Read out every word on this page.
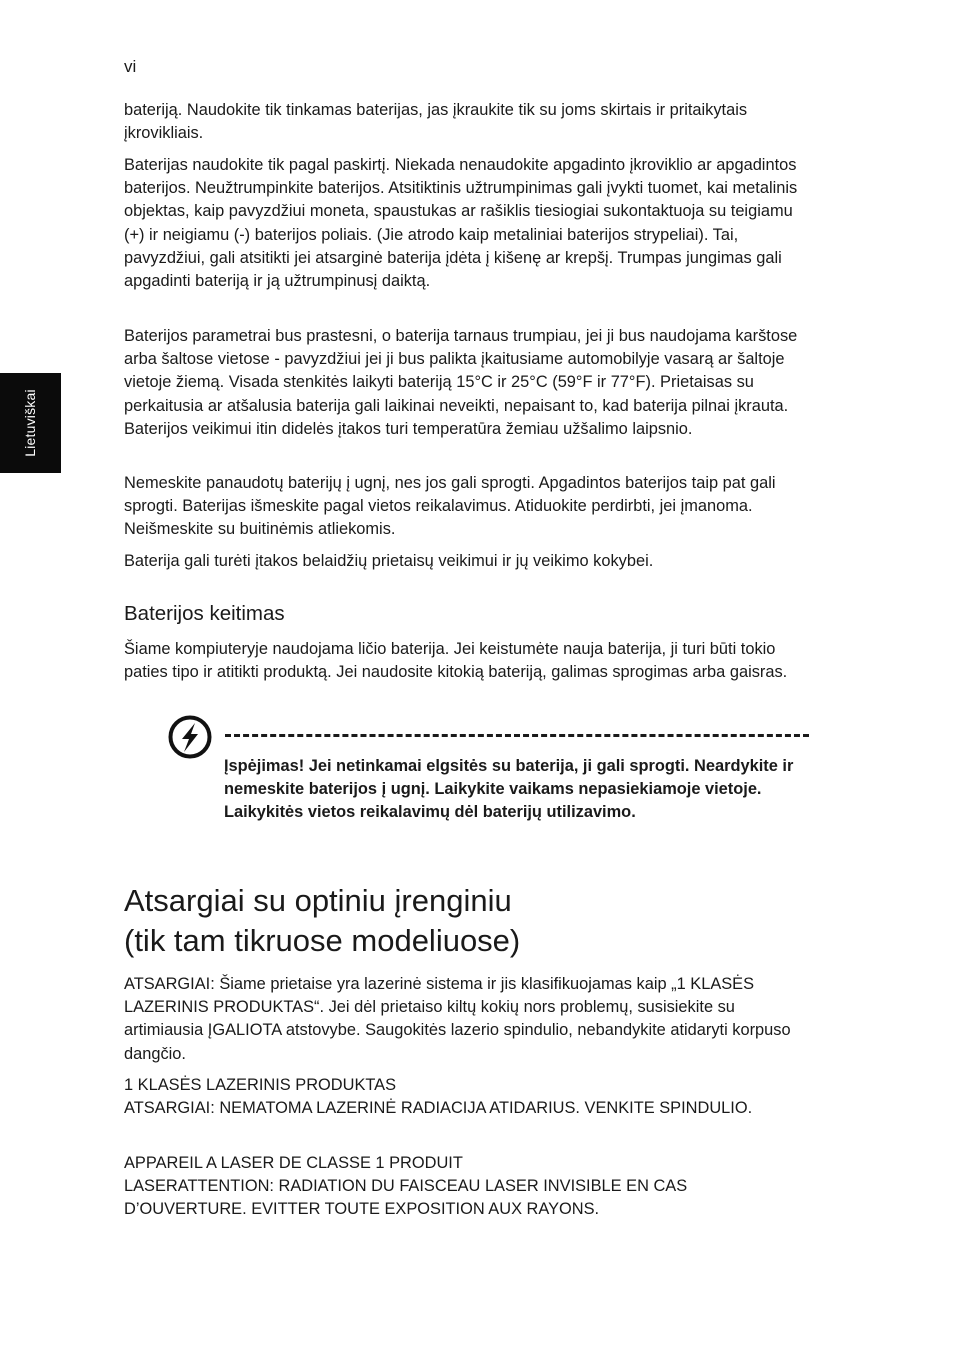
vi
Lietuviškai

bateriją. Naudokite tik tinkamas baterijas, jas įkraukite tik su joms skirtais ir pritaikytais įkrovikliais.

Baterijas naudokite tik pagal paskirtį. Niekada nenaudokite apgadinto įkroviklio ar apgadintos baterijos. Neužtrumpinkite baterijos. Atsitiktinis užtrumpinimas gali įvykti tuomet, kai metalinis objektas, kaip pavyzdžiui moneta, spaustukas ar rašiklis tiesiogiai sukontaktuoja su teigiamu (+) ir neigiamu (-) baterijos poliais. (Jie atrodo kaip metaliniai baterijos strypeliai). Tai, pavyzdžiui, gali atsitikti jei atsarginė baterija įdėta į kišenę ar krepšį. Trumpas jungimas gali apgadinti bateriją ir ją užtrumpinusį daiktą.

Baterijos parametrai bus prastesni, o baterija tarnaus trumpiau, jei ji bus naudojama karštose arba šaltose vietose - pavyzdžiui jei ji bus palikta įkaitusiame automobilyje vasarą ar šaltoje vietoje žiemą. Visada stenkitės laikyti bateriją 15°C ir 25°C (59°F ir 77°F). Prietaisas su perkaitusia ar atšalusia baterija gali laikinai neveikti, nepaisant to, kad baterija pilnai įkrauta. Baterijos veikimui itin didelės įtakos turi temperatūra žemiau užšalimo laipsnio.

Nemeskite panaudotų baterijų į ugnį, nes jos gali sprogti. Apgadintos baterijos taip pat gali sprogti. Baterijas išmeskite pagal vietos reikalavimus. Atiduokite perdirbti, jei įmanoma. Neišmeskite su buitinėmis atliekomis.

Baterija gali turėti įtakos belaidžių prietaisų veikimui ir jų veikimo kokybei.

Baterijos keitimas

Šiame kompiuteryje naudojama ličio baterija. Jei keistumėte nauja baterija, ji turi būti tokio paties tipo ir atitikti produktą. Jei naudosite kitokią bateriją, galimas sprogimas arba gaisras.

Įspėjimas! Jei netinkamai elgsitės su baterija, ji gali sprogti. Neardykite ir nemeskite baterijos į ugnį. Laikykite vaikams nepasiekiamoje vietoje. Laikykitės vietos reikalavimų dėl baterijų utilizavimo.
Atsargiai su optiniu įrenginiu
(tik tam tikruose modeliuose)

ATSARGIAI: Šiame prietaise yra lazerinė sistema ir jis klasifikuojamas kaip „1 KLASĖS LAZERINIS PRODUKTAS“. Jei dėl prietaiso kiltų kokių nors problemų, susisiekite su artimiausia ĮGALIOTA atstovybe. Saugokitės lazerio spindulio, nebandykite atidaryti korpuso dangčio.

1 KLASĖS LAZERINIS PRODUKTAS

ATSARGIAI: NEMATOMA LAZERINĖ RADIACIJA ATIDARIUS. VENKITE SPINDULIO.

APPAREIL A LASER DE CLASSE 1 PRODUIT

LASERATTENTION: RADIATION DU FAISCEAU LASER INVISIBLE EN CAS D’OUVERTURE. EVITTER TOUTE EXPOSITION AUX RAYONS.
